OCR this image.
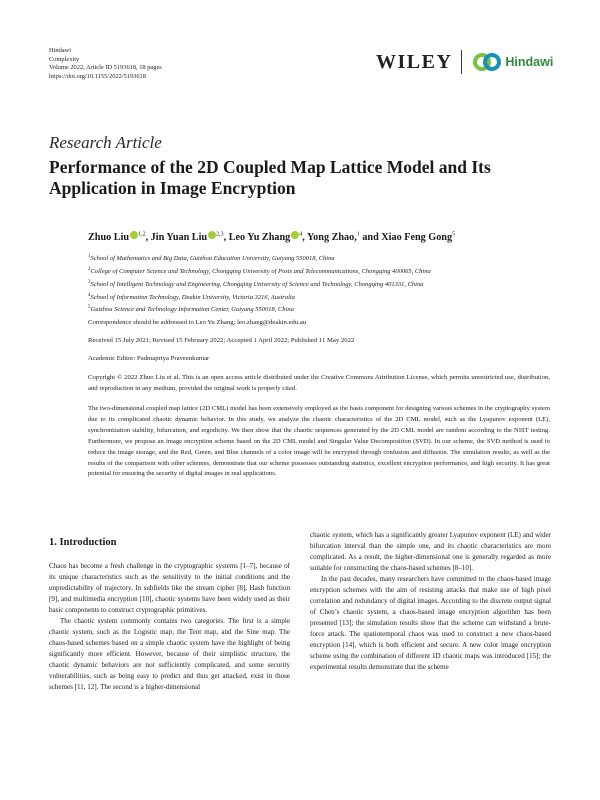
Hindawi
Complexity
Volume 2022, Article ID 5193618, 18 pages
https://doi.org/10.1155/2022/5193618
WILEY	Hindawi
Research Article
Performance of the 2D Coupled Map Lattice Model and Its Application in Image Encryption
Zhuo Liu $^{1,2}$, Jin Yuan Liu $^{2,3}$, Leo Yu Zhang $^4$, Yong Zhao,$^1$ and Xiao Feng Gong$^5$
$^1$School of Mathematics and Big Data, Guizhou Education University, Guiyang 550018, China
$^2$College of Computer Science and Technology, Chongqing University of Posts and Telecommunications, Chongqing 400065, China
$^3$School of Intelligent Technology and Engineering, Chongqing University of Science and Technology, Chongqing 401331, China
$^4$School of Information Technology, Deakin University, Victoria 3216, Australia
$^5$Guizhou Science and Technology Information Center, Guiyang 550018, China
Correspondence should be addressed to Leo Yu Zhang; leo.zhang@deakin.edu.au
Received 15 July 2021; Revised 15 February 2022; Accepted 1 April 2022; Published 11 May 2022
Academic Editor: Padmapriya Praveenkumar

Copyright © 2022 Zhuo Liu et al. This is an open access article distributed under the Creative Commons Attribution License, which permits unrestricted use, distribution, and reproduction in any medium, provided the original work is properly cited.

The two-dimensional coupled map lattice (2D CML) model has been extensively employed as the basis component for designing various schemes in the cryptography system due to its complicated chaotic dynamic behavior. In this study, we analyze the chaotic characteristics of the 2D CML model, such as the Lyapunov exponent (LE), synchronization stability, bifurcation, and ergodicity. We then show that the chaotic sequences generated by the 2D CML model are random according to the NIST testing. Furthermore, we propose an image encryption scheme based on the 2D CML model and Singular Value Decomposition (SVD). In our scheme, the SVD method is used to reduce the image storage, and the Red, Green, and Blue channels of a color image will be encrypted through confusion and diffusion. The simulation results, as well as the results of the comparison with other schemes, demonstrate that our scheme possesses outstanding statistics, excellent encryption performance, and high security. It has great potential for ensuring the security of digital images in real applications.

1. Introduction

Chaos has become a fresh challenge in the cryptographic systems [1–7], because of its unique characteristics such as the sensitivity to the initial conditions and the unpredictability of trajectory. In subfields like the stream cipher [8], Hash function [9], and multimedia encryption [10], chaotic systems have been widely used as their basic components to construct cryptographic primitives.

The chaotic system commonly contains two categories. The first is a simple chaotic system, such as the Logistic map, the Tent map, and the Sine map. The chaos-based schemes based on a simple chaotic system have the highlight of being significantly more efficient. However, because of their simplistic structure, the chaotic dynamic behaviors are not sufficiently complicated, and some security vulnerabilities, such as being easy to predict and thus get attacked, exist in those schemes [11, 12]. The second is a higher-dimensional

chaotic system, which has a significantly greater Lyapunov exponent (LE) and wider bifurcation interval than the simple one, and its chaotic characteristics are more complicated. As a result, the higher-dimensional one is generally regarded as more suitable for constructing the chaos-based schemes [8–10].

In the past decades, many researchers have committed to the chaos-based image encryption schemes with the aim of resisting attacks that make use of high pixel correlation and redundancy of digital images. According to the discrete output signal of Chen’s chaotic system, a chaos-based image encryption algorithm has been presented [13]; the simulation results show that the scheme can withstand a brute-force attack. The spatiotemporal chaos was used to construct a new chaos-based encryption [14], which is both efficient and secure. A new color image encryption scheme using the combination of different 1D chaotic maps was introduced [15]; the experimental results demonstrate that the scheme
